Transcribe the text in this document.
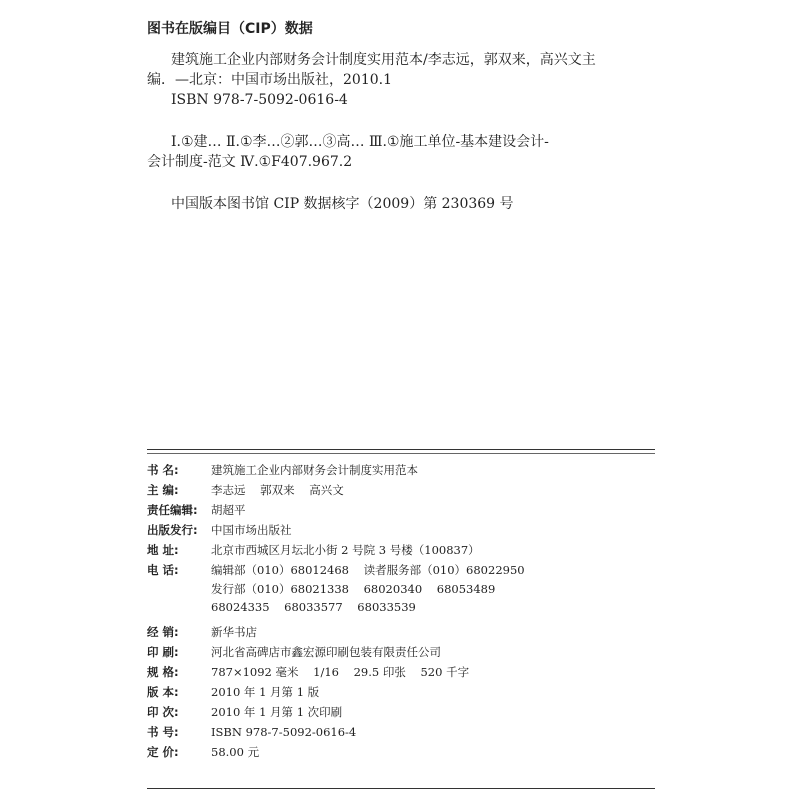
图书在版编目（CIP）数据

建筑施工企业内部财务会计制度实用范本/李志远，郭双来，高兴文主

编．—北京：中国市场出版社，2010.1

ISBN 978-7-5092-0616-4

Ⅰ.①建… Ⅱ.①李…②郭…③高… Ⅲ.①施工单位-基本建设会计-

会计制度-范文 Ⅳ.①F407.967.2

中国版本图书馆 CIP 数据核字（2009）第 230369 号

书 名:	建筑施工企业内部财务会计制度实用范本
主 编:	李志远    郭双来    高兴文
责任编辑:	胡超平
出版发行:	中国市场出版社
地 址:	北京市西城区月坛北小街 2 号院 3 号楼（100837）
电 话:	编辑部（010）68012468    读者服务部（010）68022950
发行部（010）68021338    68020340    68053489
68024335    68033577    68033539
经 销:	新华书店
印 刷:	河北省高碑店市鑫宏源印刷包装有限责任公司
规 格:	787×1092 毫米    1/16    29.5 印张    520 千字
版 本:	2010 年 1 月第 1 版
印 次:	2010 年 1 月第 1 次印刷
书 号:	ISBN 978-7-5092-0616-4
定 价:	58.00 元
